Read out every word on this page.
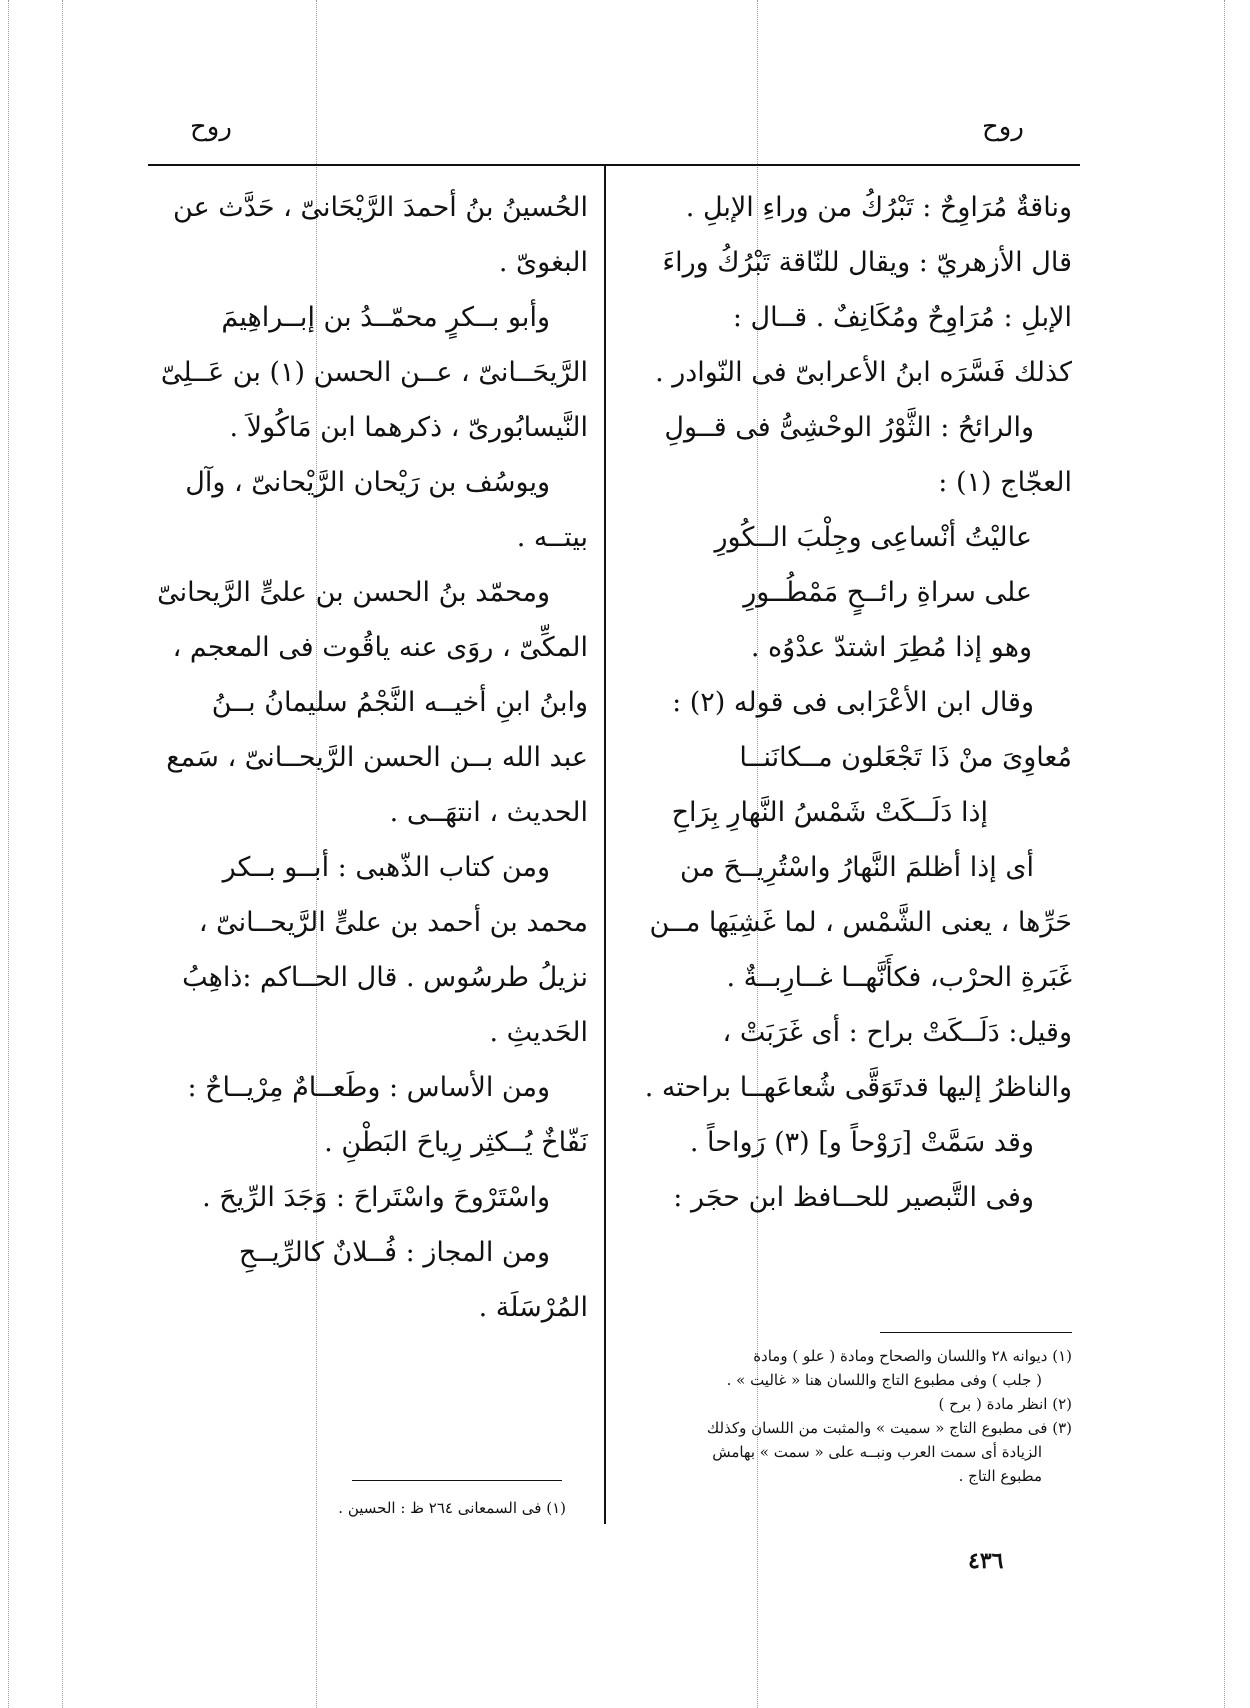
روح	روح
وناقةٌ مُرَاوِحٌ : تَبْرُكُ من وراءِ الإبلِ .
قال الأزهريّ : ويقال للنّاقة تَبْرُكُ وراءَ
الإبلِ : مُرَاوِحٌ ومُكَانِفٌ . قــال :
كذلك فَسَّرَه ابنُ الأعرابىّ فى النّوادر .
والرائحُ : الثَّوْرُ الوحْشِىُّ فى قــولِ
العجّاج (١) :
عاليْتُ أنْساعِى وجِلْبَ الــكُورِ
على سراةِ رائــحٍ مَمْطُــورِ
وهو إذا مُطِرَ اشتدّ عدْوُه .
وقال ابن الأعْرَابى فى قوله (٢) :
مُعاوِىَ منْ ذَا تَجْعَلون مــكانَنــا
إذا دَلَــكَتْ شَمْسُ النَّهارِ بِرَاحِ
أى إذا أظلمَ النَّهارُ واسْتُرِيــحَ من
حَرِّها ، يعنى الشَّمْس ، لما غَشِيَها مــن
غَبَرةِ الحرْب، فكأَنَّهــا غــارِبــةٌ .
وقيل: دَلَــكَتْ براح : أى غَرَبَتْ ،
والناظرُ إليها قدتَوَقَّى شُعاعَهــا براحته .
وقد سَمَّتْ [رَوْحاً و] (٣) رَواحاً .
وفى التَّبصير للحــافظ ابن حجَر :
الحُسينُ بنُ أحمدَ الرَّيْحَانىّ ، حَدَّث عن
البغوىّ .
وأبو بــكرٍ محمّــدُ بن إبــراهِيمَ
الرَّيحَــانىّ ، عــن الحسن (١) بن عَــلِىّ
النَّيسابُورىّ ، ذكرهما ابن مَاكُولاَ .
ويوسُف بن رَيْحان الرَّيْحانىّ ، وآل
بيتــه .
ومحمّد بنُ الحسن بن علىٍّ الرَّيحانىّ
المكِّىّ ، روَى عنه ياقُوت فى المعجم ،
وابنُ ابنِ أخيــه النَّجْمُ سليمانُ بــنُ
عبد الله بــن الحسن الرَّيحــانىّ ، سَمع
الحديث ، انتهَــى .
ومن كتاب الذّهبى : أبــو بــكر
محمد بن أحمد بن علىٍّ الرَّيحــانىّ ،
نزيلُ طرسُوس . قال الحــاكم :ذاهِبُ
الحَديثِ .
ومن الأساس : وطَعــامٌ مِرْيــاحٌ :
نَفّاخٌ يُــكثِر رِياحَ البَطْنِ .
واسْتَرْوحَ واسْتَراحَ : وَجَدَ الرِّيحَ .
ومن المجاز : فُــلانٌ كالرِّيــحِ
المُرْسَلَة .
(١) ديوانه ٢٨ واللسان والصحاح ومادة ( علو ) ومادة
( جلب ) وفى مطبوع التاج واللسان هنا « غاليت » .
(٢) انظر مادة ( برح )
(٣) فى مطبوع التاج « سميت » والمثبت من اللسان وكذلك
الزيادة أى سمت العرب ونبــه على « سمت » بهامش
مطبوع التاج .
(١) فى السمعانى ٢٦٤ ظ : الحسين .
٤٣٦
